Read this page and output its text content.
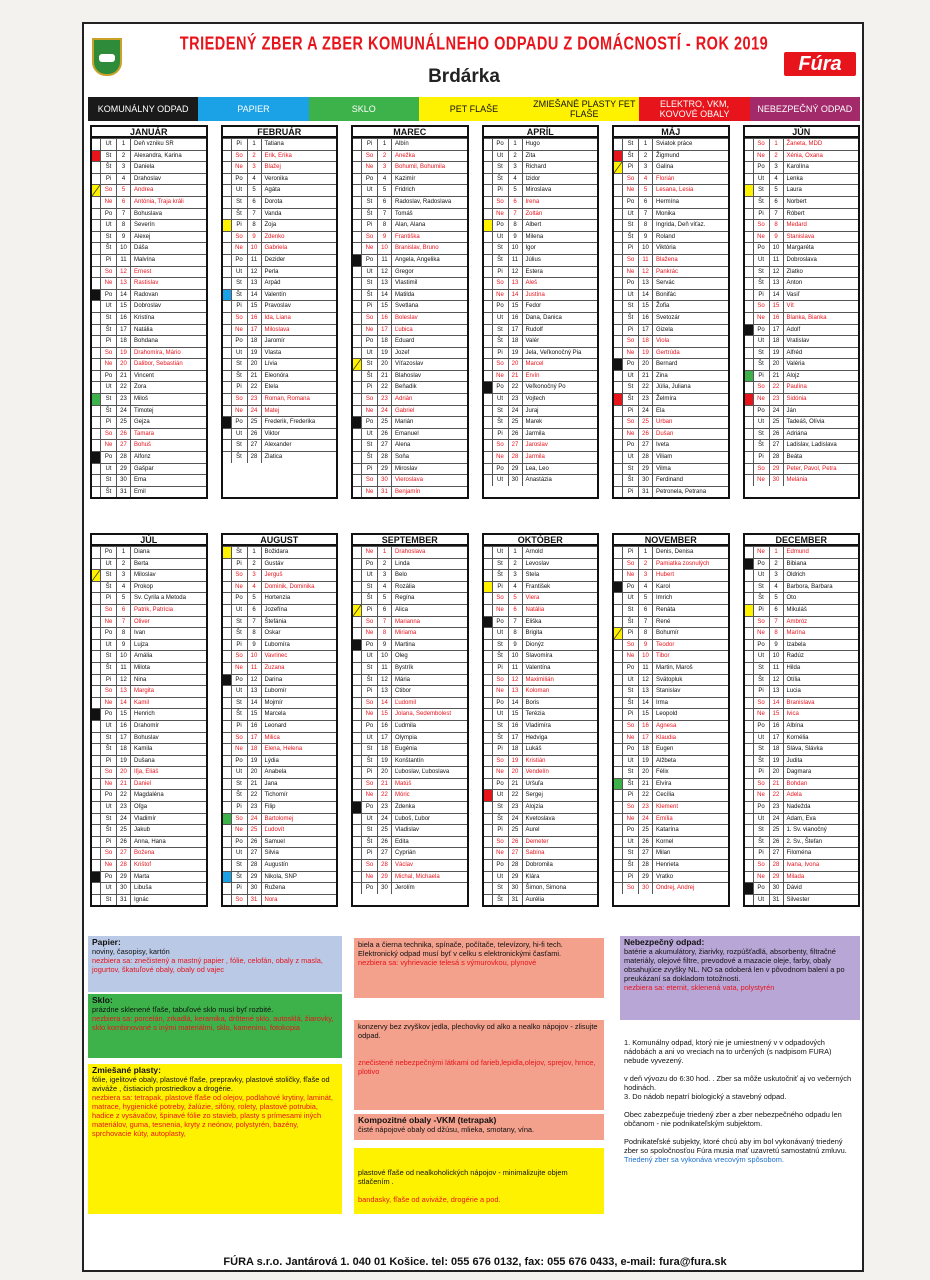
TRIEDENÝ ZBER A ZBER KOMUNÁLNEHO ODPADU Z DOMÁCNOSTÍ - ROK 2019
Brdárka
Fúra
KOMUNÁLNY ODPAD	PAPIER	SKLO	PET FLAŠE	ZMIEŠANÉ PLASTY FET FLAŠE
ELEKTRO, VKM, KOVOVÉ OBALY	NEBEZPEČNÝ ODPAD
JANUÁR
Ut	1	Deň vzniku SR
St	2	Alexandra, Karina
Št	3	Daniela
Pi	4	Drahoslav
So	5	Andrea
Ne	6	Antónia, Traja králi
Po	7	Bohuslava
Ut	8	Severín
St	9	Alexej
Št	10	Dáša
Pi	11	Malvína
So	12	Ernest
Ne	13	Rastislav
Po	14	Radovan
Ut	15	Dobroslav
St	16	Kristína
Št	17	Natália
Pi	18	Bohdana
So	19	Drahomíra, Mário
Ne	20	Dalibor, Sebastián
Po	21	Vincent
Ut	22	Zora
St	23	Miloš
Št	24	Timotej
Pi	25	Gejza
So	26	Tamara
Ne	27	Bohuš
Po	28	Alfonz
Ut	29	Gašpar
St	30	Ema
Št	31	Emil
FEBRUÁR
Pi	1	Tatiana
So	2	Erik, Erika
Ne	3	Blažej
Po	4	Veronika
Ut	5	Agáta
St	6	Dorota
Št	7	Vanda
Pi	8	Zoja
So	9	Zdenko
Ne	10	Gabriela
Po	11	Dezider
Ut	12	Perla
St	13	Arpád
Št	14	Valentín
Pi	15	Pravoslav
So	16	Ida, Liana
Ne	17	Miloslava
Po	18	Jaromír
Ut	19	Vlasta
St	20	Lívia
Št	21	Eleonóra
Pi	22	Etela
So	23	Roman, Romana
Ne	24	Matej
Po	25	Frederik, Frederika
Ut	26	Viktor
St	27	Alexander
Št	28	Zlatica
MAREC
Pi	1	Albín
So	2	Anežka
Ne	3	Bohumil, Bohumila
Po	4	Kazimír
Ut	5	Fridrich
St	6	Radoslav, Radoslava
Št	7	Tomáš
Pi	8	Alan, Alana
So	9	Františka
Ne	10	Branislav, Bruno
Po	11	Angela, Angelika
Ut	12	Gregor
St	13	Vlastimil
Št	14	Matilda
Pi	15	Svetlana
So	16	Boleslav
Ne	17	Ľubica
Po	18	Eduard
Ut	19	Jozef
St	20	Víťazoslav
Št	21	Blahoslav
Pi	22	Beňadik
So	23	Adrián
Ne	24	Gabriel
Po	25	Marián
Ut	26	Emanuel
St	27	Alena
Št	28	Soňa
Pi	29	Miroslav
So	30	Vieroslava
Ne	31	Benjamín
APRÍL
Po	1	Hugo
Ut	2	Zita
St	3	Richard
Št	4	Izidor
Pi	5	Miroslava
So	6	Irena
Ne	7	Zoltán
Po	8	Albert
Ut	9	Milena
St	10	Igor
Št	11	Július
Pi	12	Estera
So	13	Aleš
Ne	14	Justína
Po	15	Fedor
Ut	16	Dana, Danica
St	17	Rudolf
Št	18	Valér
Pi	19	Jela, Veľkonočný Pia
So	20	Marcel
Ne	21	Ervín
Po	22	Veľkonočný Po
Ut	23	Vojtech
St	24	Juraj
Št	25	Marek
Pi	26	Jarmila
So	27	Jaroslav
Ne	28	Jarmila
Po	29	Lea, Leo
Ut	30	Anastázia
MÁJ
St	1	Sviatok práce
Št	2	Žigmund
Pi	3	Galina
So	4	Florián
Ne	5	Lesana, Lesia
Po	6	Hermína
Ut	7	Monika
St	8	Ingrida, Deň víťaz.
Št	9	Roland
Pi	10	Viktória
So	11	Blažena
Ne	12	Pankrác
Po	13	Servác
Ut	14	Bonifác
St	15	Žofia
Št	16	Svetozár
Pi	17	Gizela
So	18	Viola
Ne	19	Gertrúda
Po	20	Bernard
Ut	21	Zina
St	22	Júlia, Juliana
Št	23	Želmíra
Pi	24	Ela
So	25	Urban
Ne	26	Dušan
Po	27	Iveta
Ut	28	Viliam
St	29	Vilma
Št	30	Ferdinand
Pi	31	Petronela, Petrana
JÚN
So	1	Žaneta, MDD
Ne	2	Xénia, Oxana
Po	3	Karolína
Ut	4	Lenka
St	5	Laura
Št	6	Norbert
Pi	7	Róbert
So	8	Medard
Ne	9	Stanislava
Po	10	Margaréta
Ut	11	Dobroslava
St	12	Zlatko
Št	13	Anton
Pi	14	Vasiľ
So	15	Vít
Ne	16	Blanka, Bianka
Po	17	Adolf
Ut	18	Vratislav
St	19	Alfréd
Št	20	Valéria
Pi	21	Alojz
So	22	Paulína
Ne	23	Sidónia
Po	24	Ján
Ut	25	Tadeáš, Olívia
St	26	Adriána
Št	27	Ladislav, Ladislava
Pi	28	Beáta
So	29	Peter, Pavol, Petra
Ne	30	Melánia
JÚL
Po	1	Diana
Ut	2	Berta
St	3	Miloslav
Št	4	Prokop
Pi	5	Sv. Cyrila a Metoda
So	6	Patrik, Patrícia
Ne	7	Oliver
Po	8	Ivan
Ut	9	Lujza
St	10	Amália
Št	11	Milota
Pi	12	Nina
So	13	Margita
Ne	14	Kamil
Po	15	Henrich
Ut	16	Drahomír
St	17	Bohuslav
Št	18	Kamila
Pi	19	Dušana
So	20	Iľja, Eliáš
Ne	21	Daniel
Po	22	Magdaléna
Ut	23	Oľga
St	24	Vladimír
Št	25	Jakub
Pi	26	Anna, Hana
So	27	Božena
Ne	28	Krištof
Po	29	Marta
Ut	30	Libuša
St	31	Ignác
AUGUST
Št	1	Božidara
Pi	2	Gustáv
So	3	Jerguš
Ne	4	Dominik, Dominika
Po	5	Hortenzia
Ut	6	Jozefína
St	7	Štefánia
Št	8	Oskar
Pi	9	Ľubomíra
So	10	Vavrinec
Ne	11	Zuzana
Po	12	Darina
Ut	13	Ľubomír
St	14	Mojmír
Št	15	Marcela
Pi	16	Leonard
So	17	Milica
Ne	18	Elena, Helena
Po	19	Lýdia
Ut	20	Anabela
St	21	Jana
Št	22	Tichomír
Pi	23	Filip
So	24	Bartolomej
Ne	25	Ľudovít
Po	26	Samuel
Ut	27	Silvia
St	28	Augustín
Št	29	Nikola, SNP
Pi	30	Ružena
So	31	Nora
SEPTEMBER
Ne	1	Drahoslava
Po	2	Linda
Ut	3	Belo
St	4	Rozália
Št	5	Regína
Pi	6	Alica
So	7	Marianna
Ne	8	Miriama
Po	9	Martina
Ut	10	Oleg
St	11	Bystrík
Št	12	Mária
Pi	13	Ctibor
So	14	Ľudomil
Ne	15	Jolana, Sedembolest
Po	16	Ľudmila
Ut	17	Olympia
St	18	Eugénia
Št	19	Konštantín
Pi	20	Ľuboslav, Ľuboslava
So	21	Matúš
Ne	22	Móric
Po	23	Zdenka
Ut	24	Ľuboš, Ľubor
St	25	Vladislav
Št	26	Edita
Pi	27	Cyprián
So	28	Václav
Ne	29	Michal, Michaela
Po	30	Jerolím
OKTÓBER
Ut	1	Arnold
St	2	Levoslav
Št	3	Stela
Pi	4	František
So	5	Viera
Ne	6	Natália
Po	7	Eliška
Ut	8	Brigita
St	9	Dionýz
Št	10	Slavomíra
Pi	11	Valentína
So	12	Maximilián
Ne	13	Koloman
Po	14	Boris
Ut	15	Terézia
St	16	Vladimíra
Št	17	Hedviga
Pi	18	Lukáš
So	19	Kristián
Ne	20	Vendelín
Po	21	Uršuľa
Ut	22	Sergej
St	23	Alojzia
Št	24	Kvetoslava
Pi	25	Aurel
So	26	Demeter
Ne	27	Sabína
Po	28	Dobromila
Ut	29	Klára
St	30	Šimon, Simona
Št	31	Aurélia
NOVEMBER
Pi	1	Denis, Denisa
So	2	Pamiatka zosnulých
Ne	3	Hubert
Po	4	Karol
Ut	5	Imrich
St	6	Renáta
Št	7	René
Pi	8	Bohumír
So	9	Teodor
Ne	10	Tibor
Po	11	Martin, Maroš
Ut	12	Svätopluk
St	13	Stanislav
Št	14	Irma
Pi	15	Leopold
So	16	Agnesa
Ne	17	Klaudia
Po	18	Eugen
Ut	19	Alžbeta
St	20	Félix
Št	21	Elvíra
Pi	22	Cecília
So	23	Klement
Ne	24	Emília
Po	25	Katarína
Ut	26	Kornel
St	27	Milan
Št	28	Henrieta
Pi	29	Vratko
So	30	Ondrej, Andrej
DECEMBER
Ne	1	Edmund
Po	2	Bibiana
Ut	3	Oldrich
St	4	Barbora, Barbara
Št	5	Oto
Pi	6	Mikuláš
So	7	Ambróz
Ne	8	Marína
Po	9	Izabela
Ut	10	Radúz
St	11	Hilda
Št	12	Otília
Pi	13	Lucia
So	14	Branislava
Ne	15	Ivica
Po	16	Albína
Ut	17	Kornélia
St	18	Sláva, Slávka
Št	19	Judita
Pi	20	Dagmara
So	21	Bohdan
Ne	22	Adela
Po	23	Nadežda
Ut	24	Adam, Eva
St	25	1. Sv. vianočný
Št	26	2. Sv., Štefan
Pi	27	Filoména
So	28	Ivana, Ivona
Ne	29	Milada
Po	30	Dávid
Ut	31	Silvester
Papier:
noviny, časopisy, kartón
nezbiera sa: znečistený a mastný papier , fólie, celofán, obaly z masla, jogurtov, škatuľové obaly, obaly od vajec
Sklo:
prázdne sklenené fľaše, tabuľové sklo musí byť rozbité.
nezbiera sa: porcelán, zrkadlá, keramika, drôtené sklo, autosklá, žiarovky, sklo kombinované s inými materiálmi, sklo, kameninu, fotokopia
Zmiešané plasty:
fólie, igelitové obaly, plastové fľaše, prepravky, plastové stoličky, fľaše od aviváže , čistiacich prostriedkov a drogérie.
nezbiera sa: tetrapak, plastové fľaše od olejov, podlahové krytiny, laminát, matrace, hygienické potreby, žalúzie, sifóny, rolety, plastové potrubia, hadice z vysávačov, špinavé fólie zo stavieb, plasty s prímesami iných materiálov, guma, tesnenia, kryty z neónov, polystyrén, bazény, sprchovacie kúty, autoplasty,
biela a čierna technika, spínače, počítače, televízory, hi-fi tech. Elektronický odpad musí byť v celku s elektronickými časťami.
nezbiera sa: vyhrievacie telesá s výmurovkou, plynové
konzervy bez zvyškov jedla, plechovky od alko a nealko nápojov - zlisujte odpad.

znečistené nebezpečnými látkami od farieb,lepidla,olejov, sprejov, hrnce, plotivo
Kompozitné obaly -VKM (tetrapak)
čisté nápojové obaly od džúsu, mlieka, smotany, vína.

plastové fľaše od nealkoholických nápojov - minimalizujte objem stlačením .

bandasky, fľaše od aviváže, drogérie a pod.
Nebezpečný odpad:
batérie a akumulátory, žiarivky, rozpúšťadlá, absorbenty, filtračné materiály, olejové filtre, prevodové a mazacie oleje, farby, obaly obsahujúce zvyšky NL. NO sa odoberá len v pôvodnom balení a po preukázaní sa dokladom totožnosti.
nezbiera sa: eternit, sklenená vata, polystyrén
1. Komunálny odpad, ktorý nie je umiestnený v v odpadových nádobách a ani vo vreciach na to určených (s nadpisom FURA) nebude vyvezený.

v deň vývozu do 6:30 hod. . Zber sa môže uskutočniť aj vo večerných hodinách.
3. Do nádob nepatrí biologický a stavebný odpad.

Obec zabezpečuje triedený zber a zber nebezpečného odpadu len občanom - nie podnikateľským subjektom.

Podnikateľské subjekty, ktoré chcú aby im bol vykonávaný triedený zber so spoločnosťou Fúra musia mať uzavretú samostatnú zmluvu.
Triedený zber sa vykonáva vrecovým spôsobom.
FÚRA s.r.o. Jantárová 1. 040 01 Košice. tel: 055 676 0132, fax: 055 676 0433, e-mail: fura@fura.sk
